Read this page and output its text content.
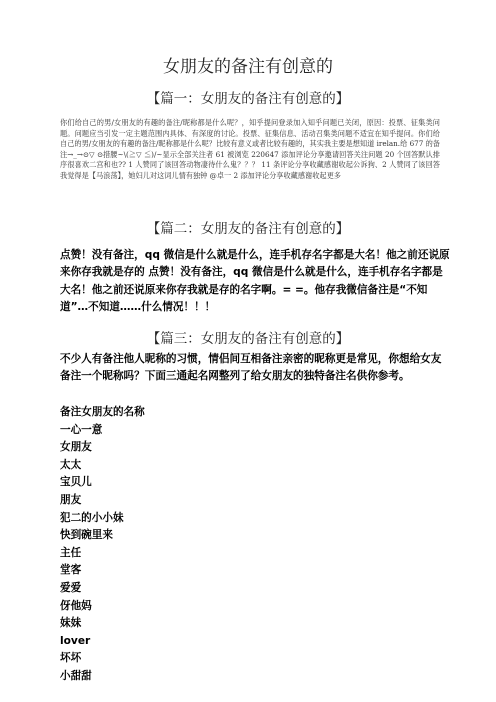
女朋友的备注有创意的
【篇一：女朋友的备注有创意的】
你们给自己的男/女朋友的有趣的备注/昵称都是什么呢？，知乎提问登录加入知乎问题已关闭，原因：投票、征集类问题。问题应当引发一定主题范围内具体、有深度的讨论。投票、征集信息、活动召集类问题不适宜在知乎提问。你们给自己的男/女朋友的有趣的备注/昵称都是什么呢？比较有意义或者比较有趣的，其实我主要是想知道 irelan.给 677 的备注→_→⊙▽ ⊙措腰~\(≧▽ ≦)/~显示全部关注者 61 被浏览 220647 添加评论分享邀请回答关注问题 20 个回答默认排序很喜欢二宫和也?? 1 人赞同了该回答动物凄待什么鬼？？？ 11 条评论分享收藏感谢收起公诉狗、2 人赞同了该回答我觉得是【马浪荡】，她妇儿对这词儿情有独钟 @卓一 2 添加评论分享收藏感谢收起更多
【篇二：女朋友的备注有创意的】
点赞！没有备注，qq 微信是什么就是什么，连手机存名字都是大名！他之前还说原来你存我就是存的 点赞！没有备注，qq 微信是什么就是什么，连手机存名字都是大名！他之前还说原来你存我就是存的名字啊。= =。他存我微信备注是“不知道”…不知道……什么情况！！！
【篇三：女朋友的备注有创意的】
不少人有备注他人昵称的习惯，情侣间互相备注亲密的昵称更是常见，你想给女友备注一个昵称吗？下面三通起名网整列了给女朋友的独特备注名供你参考。
备注女朋友的名称
一心一意
女朋友
太太
宝贝儿
朋友
犯二的小小妹
快到碗里来
主任
堂客
爱爱
伢他妈
妹妹
lover
坏坏
小甜甜
